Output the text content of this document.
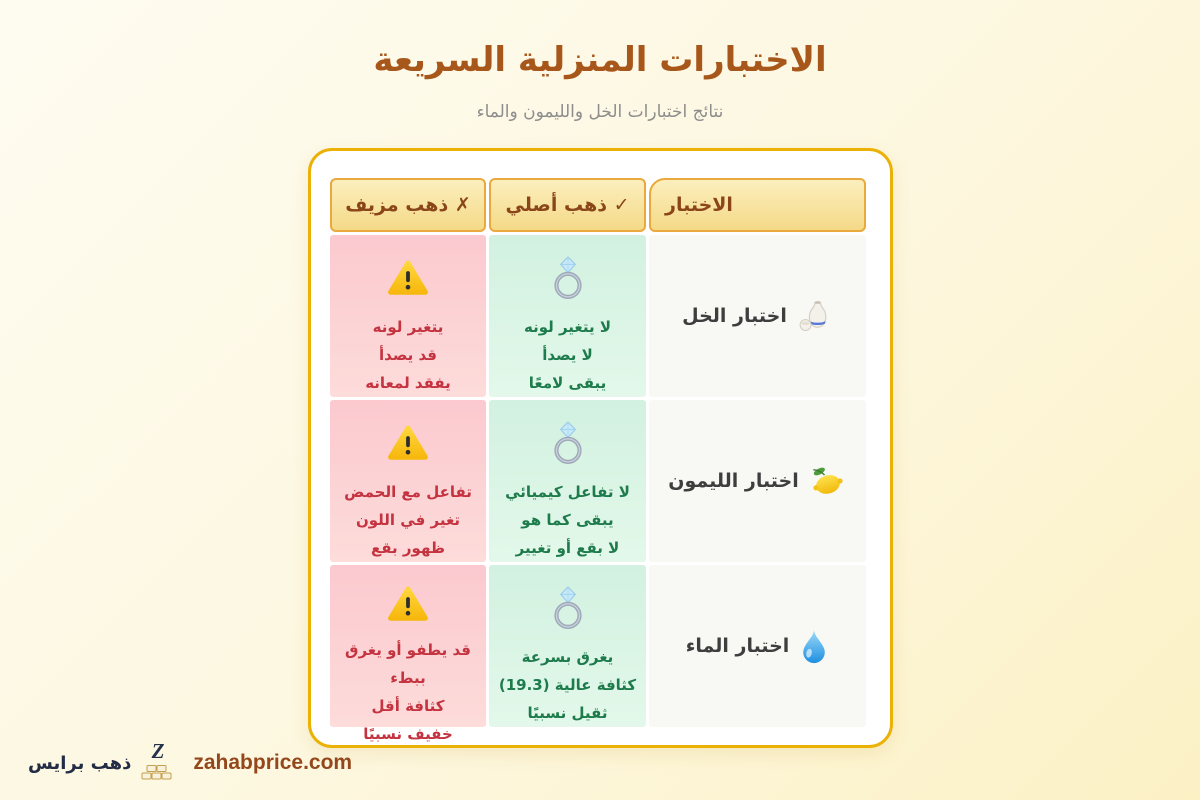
الاختبارات المنزلية السريعة
نتائج اختبارات الخل والليمون والماء
الاختبار
✓ ذهب أصلي
✗ ذهب مزيف
اختبار الخل
لا يتغير لونه
لا يصدأ
يبقى لامعًا
يتغير لونه
قد يصدأ
يفقد لمعانه
اختبار الليمون
لا تفاعل كيميائي
يبقى كما هو
لا بقع أو تغيير
تفاعل مع الحمض
تغير في اللون
ظهور بقع
اختبار الماء
يغرق بسرعة
كثافة عالية (19.3)
ثقيل نسبيًا
قد يطفو أو يغرق ببطء
كثافة أقل
خفيف نسبيًا
zahabprice.com
ذهب برايس Z
